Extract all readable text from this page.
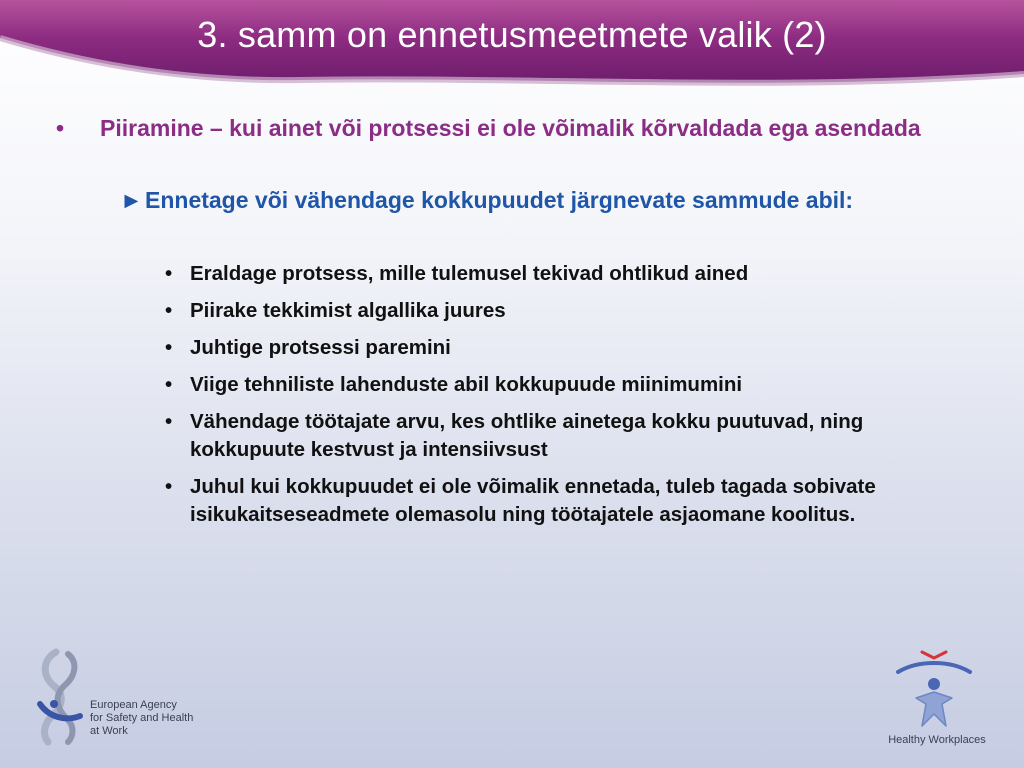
3. samm on ennetusmeetmete valik (2)
• Piiramine – kui ainet või protsessi ei ole võimalik kõrvaldada ega asendada
► Ennetage või vähendage kokkupuudet järgnevate sammude abil:
• Eraldage protsess, mille tulemusel tekivad ohtlikud ained
• Piirake tekkimist algallika juures
• Juhtige protsessi paremini
• Viige tehniliste lahenduste abil kokkupuude miinimumini
• Vähendage töötajate arvu, kes ohtlike ainetega kokku puutuvad, ning kokkupuute kestvust ja intensiivsust
• Juhul kui kokkupuudet ei ole võimalik ennetada, tuleb tagada sobivate isikukaitseseadmete olemasolu ning töötajatele asjaomane koolitus.
European Agency
for Safety and Health
at Work
Healthy Workplaces
